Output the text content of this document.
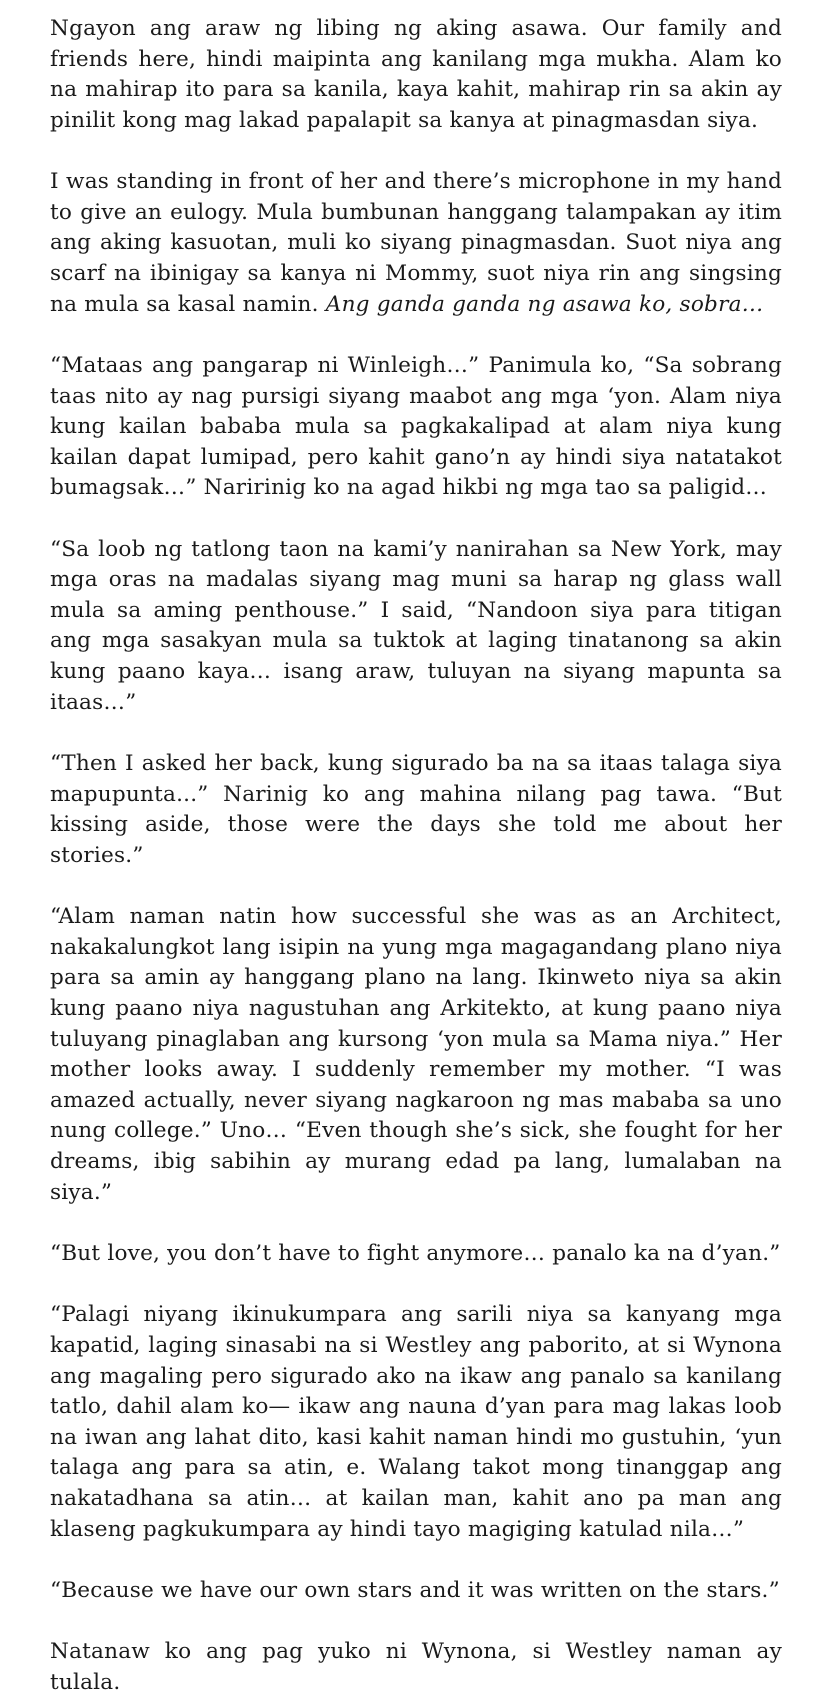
Ngayon ang araw ng libing ng aking asawa. Our family and friends here, hindi maipinta ang kanilang mga mukha. Alam ko na mahirap ito para sa kanila, kaya kahit, mahirap rin sa akin ay pinilit kong mag lakad papalapit sa kanya at pinagmasdan siya.

I was standing in front of her and there’s microphone in my hand to give an eulogy. Mula bumbunan hanggang talampakan ay itim ang aking kasuotan, muli ko siyang pinagmasdan. Suot niya ang scarf na ibinigay sa kanya ni Mommy, suot niya rin ang singsing na mula sa kasal namin. Ang ganda ganda ng asawa ko, sobra…

“Mataas ang pangarap ni Winleigh…” Panimula ko, “Sa sobrang taas nito ay nag pursigi siyang maabot ang mga ‘yon. Alam niya kung kailan bababa mula sa pagkakalipad at alam niya kung kailan dapat lumipad, pero kahit gano’n ay hindi siya natatakot bumagsak…” Naririnig ko na agad hikbi ng mga tao sa paligid…

“Sa loob ng tatlong taon na kami’y nanirahan sa New York, may mga oras na madalas siyang mag muni sa harap ng glass wall mula sa aming penthouse.” I said, “Nandoon siya para titigan ang mga sasakyan mula sa tuktok at laging tinatanong sa akin kung paano kaya… isang araw, tuluyan na siyang mapunta sa itaas…”

“Then I asked her back, kung sigurado ba na sa itaas talaga siya mapupunta...” Narinig ko ang mahina nilang pag tawa. “But kissing aside, those were the days she told me about her stories.”

“Alam naman natin how successful she was as an Architect, nakakalungkot lang isipin na yung mga magagandang plano niya para sa amin ay hanggang plano na lang. Ikinweto niya sa akin kung paano niya nagustuhan ang Arkitekto, at kung paano niya tuluyang pinaglaban ang kursong ‘yon mula sa Mama niya.” Her mother looks away. I suddenly remember my mother. “I was amazed actually, never siyang nagkaroon ng mas mababa sa uno nung college.” Uno… “Even though she’s sick, she fought for her dreams, ibig sabihin ay murang edad pa lang, lumalaban na siya.”

“But love, you don’t have to fight anymore… panalo ka na d’yan.”

“Palagi niyang ikinukumpara ang sarili niya sa kanyang mga kapatid, laging sinasabi na si Westley ang paborito, at si Wynona ang magaling pero sigurado ako na ikaw ang panalo sa kanilang tatlo, dahil alam ko— ikaw ang nauna d’yan para mag lakas loob na iwan ang lahat dito, kasi kahit naman hindi mo gustuhin, ‘yun talaga ang para sa atin, e. Walang takot mong tinanggap ang nakatadhana sa atin… at kailan man, kahit ano pa man ang klaseng pagkukumpara ay hindi tayo magiging katulad nila…”

“Because we have our own stars and it was written on the stars.”

Natanaw ko ang pag yuko ni Wynona, si Westley naman ay tulala.
